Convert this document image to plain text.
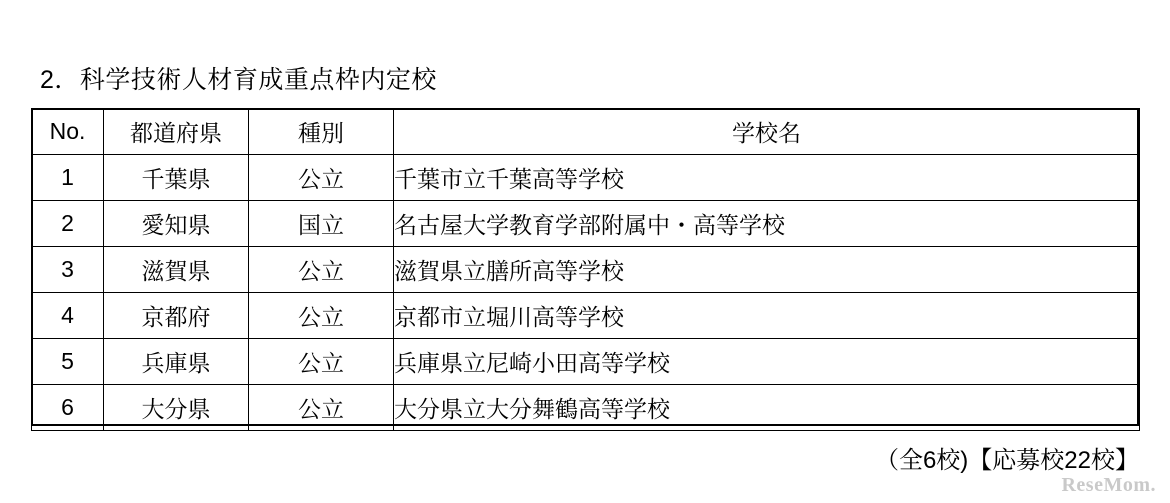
2．科学技術人材育成重点枠内定校
No.	都道府県	種別	学校名
1	千葉県	公立	千葉市立千葉高等学校
2	愛知県	国立	名古屋大学教育学部附属中・高等学校
3	滋賀県	公立	滋賀県立膳所高等学校
4	京都府	公立	京都市立堀川高等学校
5	兵庫県	公立	兵庫県立尼崎小田高等学校
6	大分県	公立	大分県立大分舞鶴高等学校
（全6校)【応募校22校】
ReseMom.
